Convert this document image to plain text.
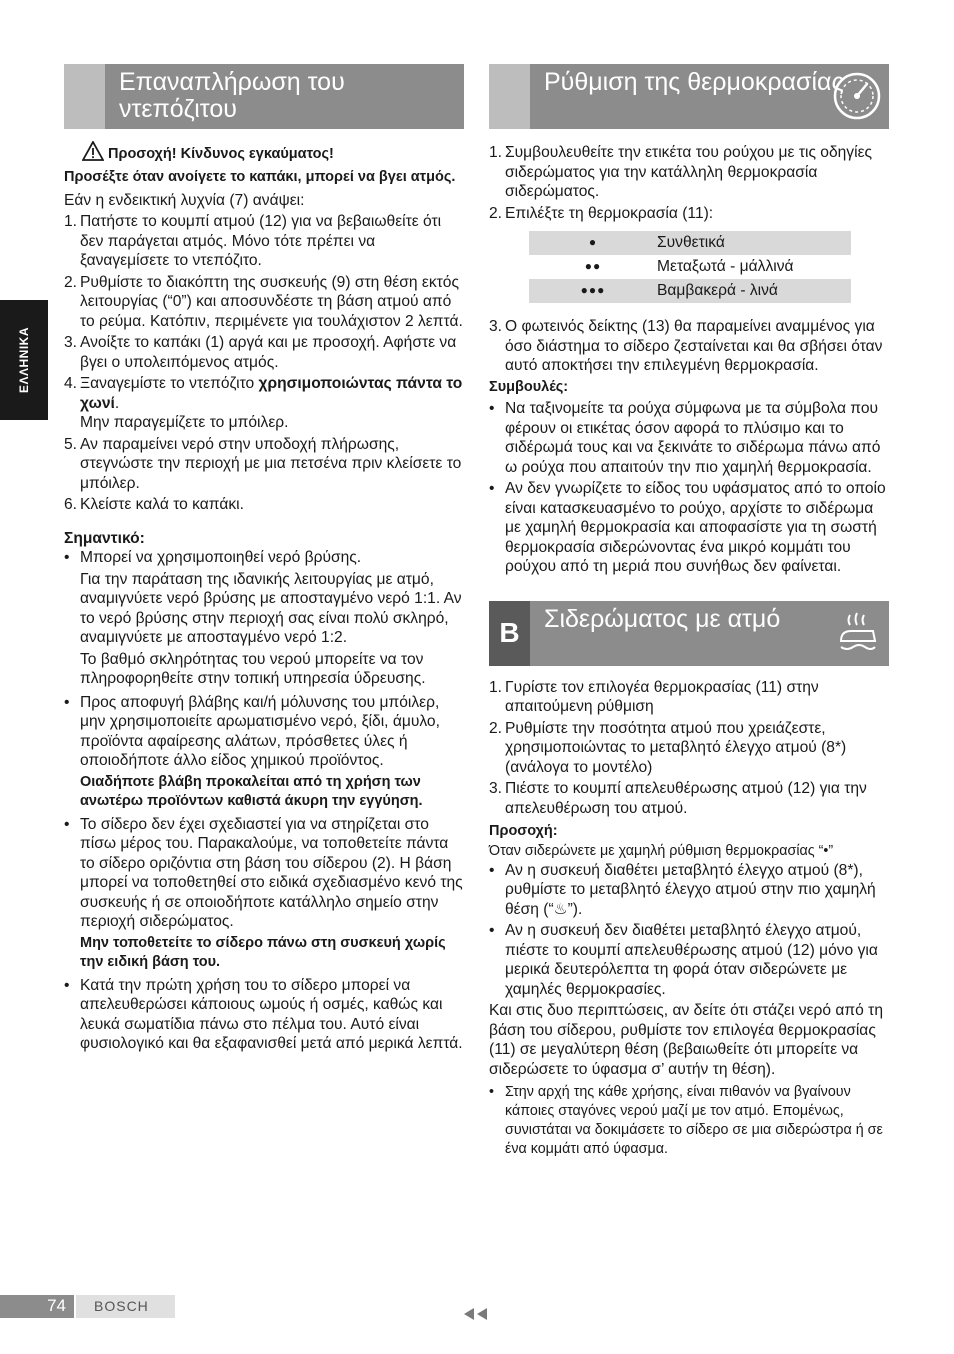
ΕΛΛΗΝΙΚΑ
Επαναπλήρωση του ντεπόζιτου

Προσοχή! Κίνδυνος εγκαύματος!

Προσέξτε όταν ανοίγετε το καπάκι, μπορεί να βγει ατμός.

Εάν η ενδεικτική λυχνία (7) ανάψει:

1. Πατήστε το κουμπί ατμού (12) για να βεβαιωθείτε ότι δεν παράγεται ατμός. Μόνο τότε πρέπει να ξαναγεμίσετε το ντεπόζιτο.
2. Ρυθμίστε το διακόπτη της συσκευής (9) στη θέση εκτός λειτουργίας (“0”) και αποσυνδέστε τη βάση ατμού από το ρεύμα. Κατόπιν, περιμένετε για τουλάχιστον 2 λεπτά.
3. Ανοίξτε το καπάκι (1) αργά και με προσοχή. Αφήστε να βγει ο υπολειπόμενος ατμός.
4. Ξαναγεμίστε το ντεπόζιτο χρησιμοποιώντας πάντα το χωνί.
Μην παραγεμίζετε το μπόιλερ.
5. Αν παραμείνει νερό στην υποδοχή πλήρωσης, στεγνώστε την περιοχή με μια πετσένα πριν κλείσετε το μπόιλερ.
6. Κλείστε καλά το καπάκι.

Σημαντικό:

• Μπορεί να χρησιμοποιηθεί νερό βρύσης.

Για την παράταση της ιδανικής λειτουργίας με ατμό, αναμιγνύετε νερό βρύσης με αποσταγμένο νερό 1:1. Αν το νερό βρύσης στην περιοχή σας είναι πολύ σκληρό, αναμιγνύετε με αποσταγμένο νερό 1:2.

Το βαθμό σκληρότητας του νερού μπορείτε να τον πληροφορηθείτε στην τοπική υπηρεσία ύδρευσης.

• Προς αποφυγή βλάβης και/ή μόλυνσης του μπόιλερ, μην χρησιμοποιείτε αρωματισμένο νερό, ξίδι, άμυλο, προϊόντα αφαίρεσης αλάτων, πρόσθετες ύλες ή οποιοδήποτε άλλο είδος χημικού προϊόντος.

Οιαδήποτε βλάβη προκαλείται από τη χρήση των ανωτέρω προϊόντων καθιστά άκυρη την εγγύηση.

• Το σίδερο δεν έχει σχεδιαστεί για να στηρίζεται στο πίσω μέρος του. Παρακαλούμε, να τοποθετείτε πάντα το σίδερο οριζόντια στη βάση του σίδερου (2). Η βάση μπορεί να τοποθετηθεί στο ειδικά σχεδιασμένο κενό της συσκευής ή σε οποιοδήποτε κατάλληλο σημείο στην περιοχή σιδερώματος.

Μην τοποθετείτε το σίδερο πάνω στη συσκευή χωρίς την ειδική βάση του.

• Κατά την πρώτη χρήση του το σίδερο μπορεί να απελευθερώσει κάποιους ωμούς ή οσμές, καθώς και λευκά σωματίδια πάνω στο πέλμα του. Αυτό είναι φυσιολογικό και θα εξαφανισθεί μετά από μερικά λεπτά.
Ρύθμιση της θερμοκρασίας
1. Συμβουλευθείτε την ετικέτα του ρούχου με τις οδηγίες σιδερώματος για την κατάλληλη θερμοκρασία σιδερώματος.
2. Επιλέξτε τη θερμοκρασία (11):
●	Συνθετικά
●●	Μεταξωτά - μάλλινά
●●●	Βαμβακερά - λινά
3. Ο φωτεινός δείκτης (13) θα παραμείνει αναμμένος για όσο διάστημα το σίδερο ζεσταίνεται και θα σβήσει όταν αυτό αποκτήσει την επιλεγμένη θερμοκρασία.

Συμβουλές:

• Να ταξινομείτε τα ρούχα σύμφωνα με τα σύμβολα που φέρουν οι ετικέτας όσον αφορά το πλύσιμο και το σιδέρωμά τους και να ξεκινάτε το σιδέρωμα πάνω από ω ρούχα που απαιτούν την πιο χαμηλή θερμοκρασία.
• Αν δεν γνωρίζετε το είδος του υφάσματος από το οποίο είναι κατασκευασμένο το ρούχο, αρχίστε το σιδέρωμα με χαμηλή θερμοκρασία και αποφασίστε για τη σωστή θερμοκρασία σιδερώνοντας ένα μικρό κομμάτι του ρούχου από τη μεριά που συνήθως δεν φαίνεται.
B Σιδερώματος με ατμό
1. Γυρίστε τον επιλογέα θερμοκρασίας (11) στην απαιτούμενη ρύθμιση
2. Ρυθμίστε την ποσότητα ατμού που χρειάζεστε, χρησιμοποιώντας το μεταβλητό έλεγχο ατμού (8*) (ανάλογα το μοντέλο)
3. Πιέστε το κουμπί απελευθέρωσης ατμού (12) για την απελευθέρωση του ατμού.

Προσοχή:

Όταν σιδερώνετε με χαμηλή ρύθμιση θερμοκρασίας “•”

• Αν η συσκευή διαθέτει μεταβλητό έλεγχο ατμού (8*), ρυθμίστε το μεταβλητό έλεγχο ατμού στην πιο χαμηλή θέση (“♨”).
• Αν η συσκευή δεν διαθέτει μεταβλητό έλεγχο ατμού, πιέστε το κουμπί απελευθέρωσης ατμού (12) μόνο για μερικά δευτερόλεπτα τη φορά όταν σιδερώνετε με χαμηλές θερμοκρασίες.

Και στις δυο περιπτώσεις, αν δείτε ότι στάζει νερό από τη βάση του σίδερου, ρυθμίστε τον επιλογέα θερμοκρασίας (11) σε μεγαλύτερη θέση (βεβαιωθείτε ότι μπορείτε να σιδερώσετε το ύφασμα σ’ αυτήν τη θέση).

• Στην αρχή της κάθε χρήσης, είναι πιθανόν να βγαίνουν κάποιες σταγόνες νερού μαζί με τον ατμό. Επομένως, συνιστάται να δοκιμάσετε το σίδερο σε μια σιδερώστρα ή σε ένα κομμάτι από ύφασμα.
74 BOSCH
